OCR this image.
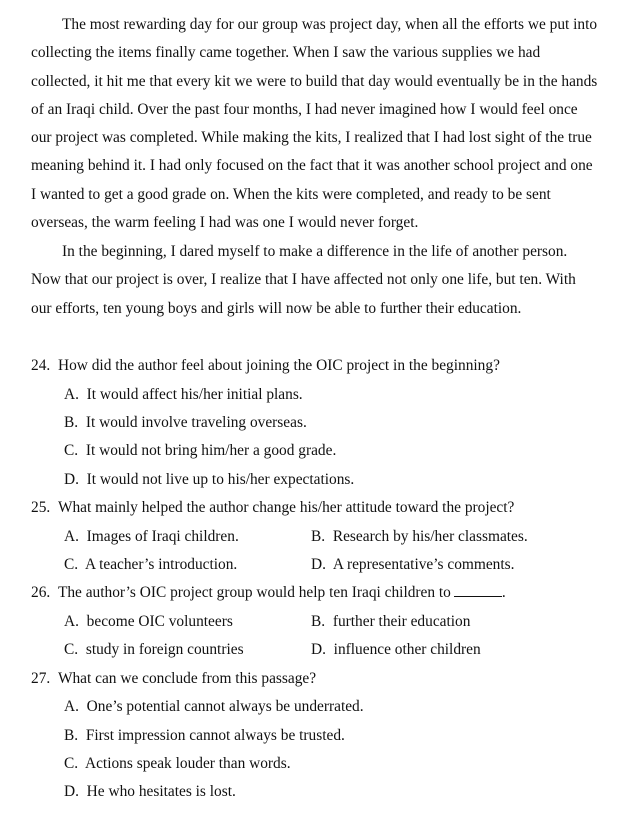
The most rewarding day for our group was project day, when all the efforts we put into collecting the items finally came together. When I saw the various supplies we had collected, it hit me that every kit we were to build that day would eventually be in the hands of an Iraqi child. Over the past four months, I had never imagined how I would feel once our project was completed. While making the kits, I realized that I had lost sight of the true meaning behind it. I had only focused on the fact that it was another school project and one I wanted to get a good grade on. When the kits were completed, and ready to be sent overseas, the warm feeling I had was one I would never forget.

In the beginning, I dared myself to make a difference in the life of another person. Now that our project is over, I realize that I have affected not only one life, but ten. With our efforts, ten young boys and girls will now be able to further their education.

24. How did the author feel about joining the OIC project in the beginning?
A. It would affect his/her initial plans.
B. It would involve traveling overseas.
C. It would not bring him/her a good grade.
D. It would not live up to his/her expectations.
25. What mainly helped the author change his/her attitude toward the project?
A. Images of Iraqi children.	B. Research by his/her classmates.
C. A teacher’s introduction.	D. A representative’s comments.
26. The author’s OIC project group would help ten Iraqi children to	.
A. become OIC volunteers	B. further their education
C. study in foreign countries	D. influence other children
27. What can we conclude from this passage?
A. One’s potential cannot always be underrated.
B. First impression cannot always be trusted.
C. Actions speak louder than words.
D. He who hesitates is lost.
